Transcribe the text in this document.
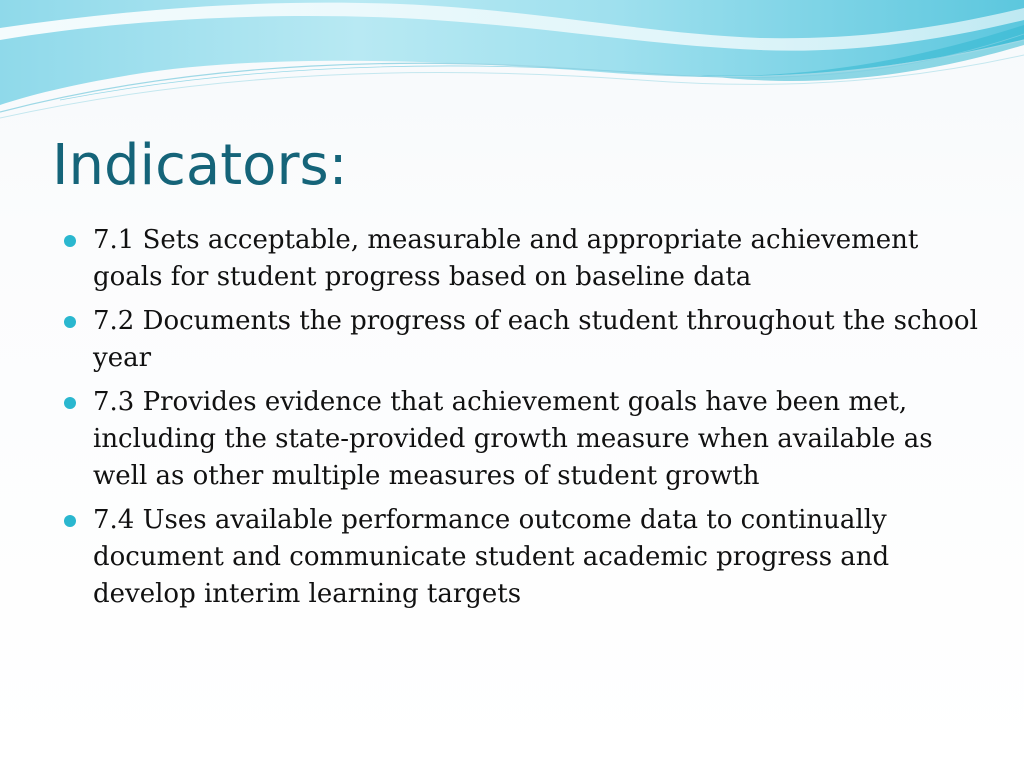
Indicators:
7.1 Sets acceptable, measurable and appropriate achievement goals for student progress based on baseline data
7.2 Documents the progress of each student throughout the school year
7.3 Provides evidence that achievement goals have been met, including the state-provided growth measure when available as well as other multiple measures of student growth
7.4 Uses available performance outcome data to continually document and communicate student academic progress and develop interim learning targets
